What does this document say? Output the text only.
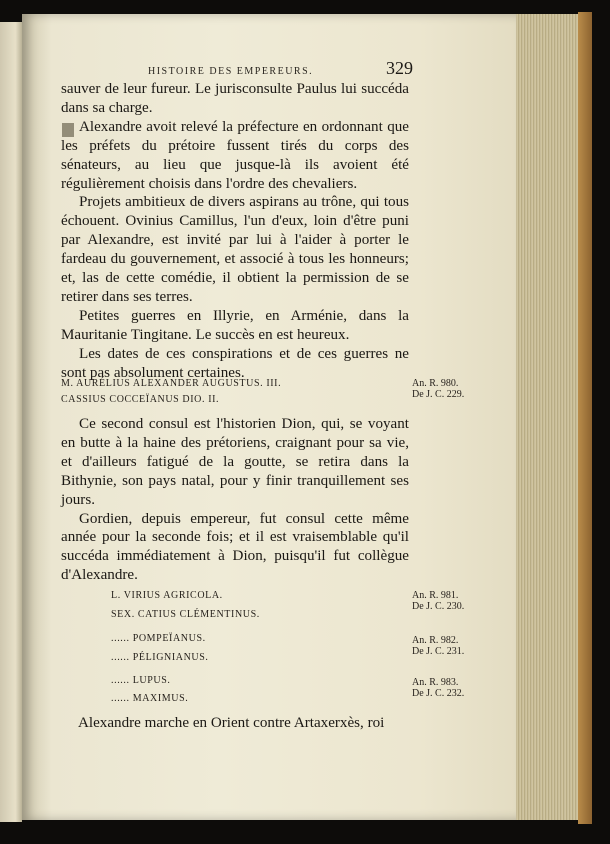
HISTOIRE DES EMPEREURS.	329

sauver de leur fureur. Le jurisconsulte Paulus lui succéda dans sa charge.

Alexandre avoit relevé la préfecture en ordonnant que les préfets du prétoire fussent tirés du corps des sénateurs, au lieu que jusque-là ils avoient été régulièrement choisis dans l'ordre des chevaliers.

Projets ambitieux de divers aspirans au trône, qui tous échouent. Ovinius Camillus, l'un d'eux, loin d'être puni par Alexandre, est invité par lui à l'aider à porter le fardeau du gouvernement, et associé à tous les honneurs; et, las de cette comédie, il obtient la permission de se retirer dans ses terres.

Petites guerres en Illyrie, en Arménie, dans la Mauritanie Tingitane. Le succès en est heureux.

Les dates de ces conspirations et de ces guerres ne sont pas absolument certaines.

M. AURÉLIUS ALEXANDER AUGUSTUS. III.
CASSIUS COCCEÏANUS DIO. II.
An. R. 980.
De J. C. 229.

Ce second consul est l'historien Dion, qui, se voyant en butte à la haine des prétoriens, craignant pour sa vie, et d'ailleurs fatigué de la goutte, se retira dans la Bithynie, son pays natal, pour y finir tranquillement ses jours.

Gordien, depuis empereur, fut consul cette même année pour la seconde fois; et il est vraisemblable qu'il succéda immédiatement à Dion, puisqu'il fut collègue d'Alexandre.

L. VIRIUS AGRICOLA.
SEX. CATIUS CLÉMENTINUS.
An. R. 981.
De J. C. 230.
...... POMPEÏANUS.
...... PÉLIGNIANUS.
An. R. 982.
De J. C. 231.
...... LUPUS.
...... MAXIMUS.
An. R. 983.
De J. C. 232.
Alexandre marche en Orient contre Artaxerxès, roi
